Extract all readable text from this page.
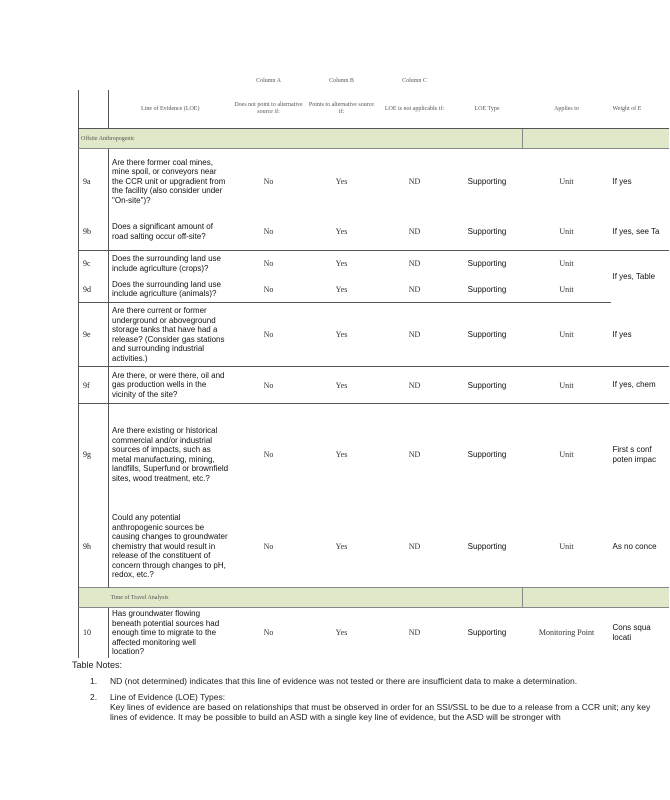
		Column A	Column B	Column C			
	Line of Evidence (LOE)	Does not point to alternative source if:	Points to alternative source if:	LOE is not applicable if:	LOE Type	Applies to	Weight of E
Offsite Anthropogenic							
9a	Are there former coal mines, mine spoil, or conveyors near the CCR unit or upgradient from the facility (also consider under "On-site")?	No	Yes	ND	Supporting	Unit	If yes
9b	Does a significant amount of road salting occur off-site?	No	Yes	ND	Supporting	Unit	If yes, see Ta
9c	Does the surrounding land use include agriculture (crops)?	No	Yes	ND	Supporting	Unit	If yes, Table
9d	Does the surrounding land use include agriculture (animals)?	No	Yes	ND	Supporting	Unit	
9e	Are there current or former underground or aboveground storage tanks that have had a release? (Consider gas stations and surrounding industrial activities.)	No	Yes	ND	Supporting	Unit	If yes
9f	Are there, or were there, oil and gas production wells in the vicinity of the site?	No	Yes	ND	Supporting	Unit	If yes, chem
9g	Are there existing or historical commercial and/or industrial sources of impacts, such as metal manufacturing, mining, landfills, Superfund or brownfield sites, wood treatment, etc.?	No	Yes	ND	Supporting	Unit	First s conf poten impac
9h	Could any potential anthropogenic sources be causing changes to groundwater chemistry that would result in release of the constituent of concern through changes to pH, redox, etc.?	No	Yes	ND	Supporting	Unit	As no conce
	Time of Travel Analysis						
10	Has groundwater flowing beneath potential sources had enough time to migrate to the affected monitoring well location?	No	Yes	ND	Supporting	Monitoring Point	Cons squa locati
Table Notes:
1. ND (not determined) indicates that this line of evidence was not tested or there are insufficient data to make a determination.
2. Line of Evidence (LOE) Types:
Key lines of evidence are based on relationships that must be observed in order for an SSI/SSL to be due to a release from a CCR unit; any key lines of evidence. It may be possible to build an ASD with a single key line of evidence, but the ASD will be stronger with
